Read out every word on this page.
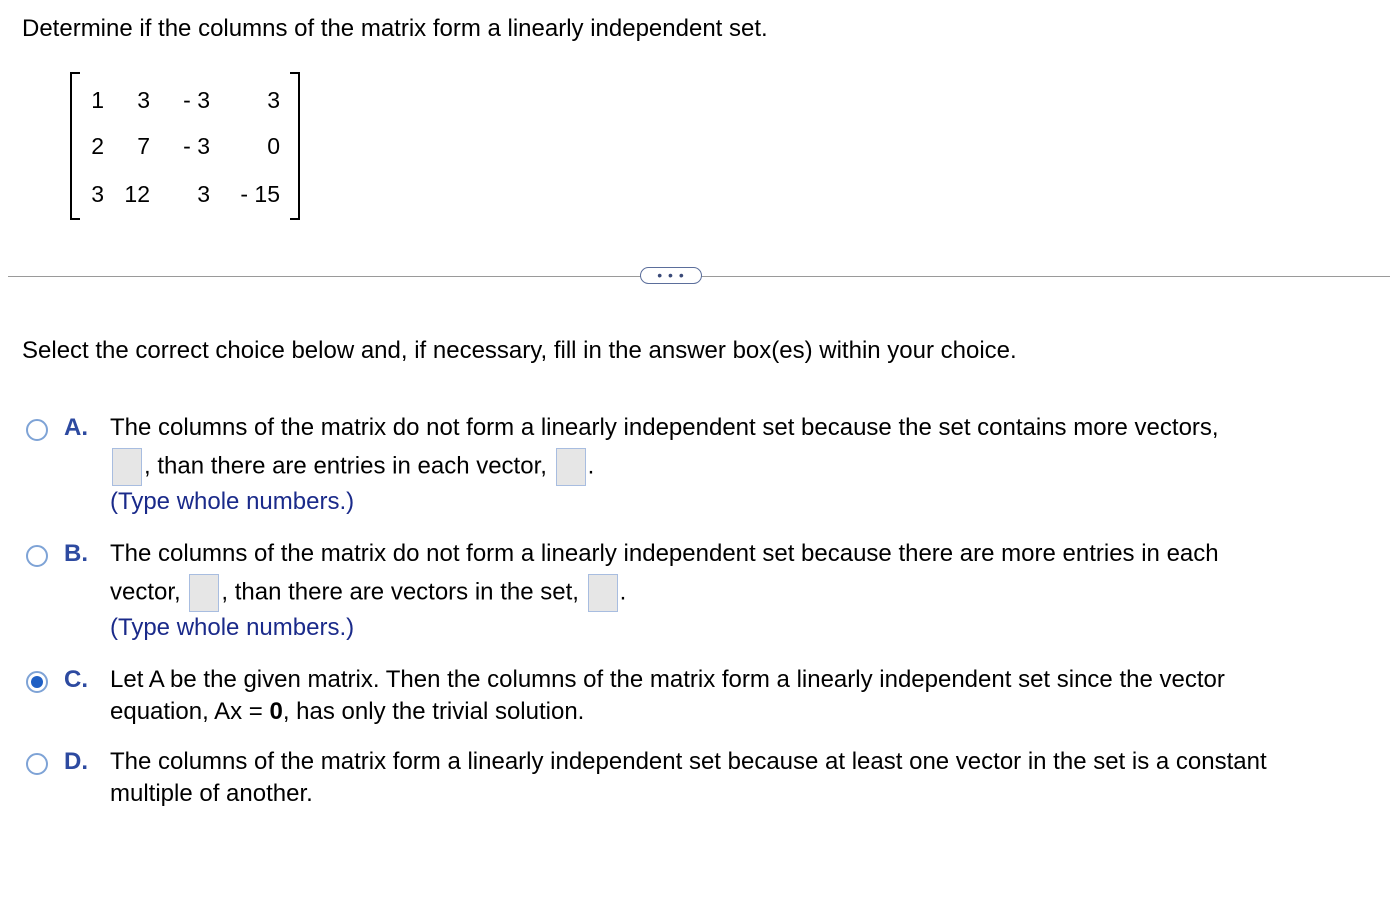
Determine if the columns of the matrix form a linearly independent set.
1	3	- 3	3
2	7	- 3	0
3 12	3	- 15
• • •
Select the correct choice below and, if necessary, fill in the answer box(es) within your choice.
A. The columns of the matrix do not form a linearly independent set because the set contains more vectors,
, than there are entries in each vector, .
(Type whole numbers.)
B. The columns of the matrix do not form a linearly independent set because there are more entries in each
vector, , than there are vectors in the set, .
(Type whole numbers.)
C. Let A be the given matrix. Then the columns of the matrix form a linearly independent set since the vector
equation, Ax = 0, has only the trivial solution.
D. The columns of the matrix form a linearly independent set because at least one vector in the set is a constant
multiple of another.
